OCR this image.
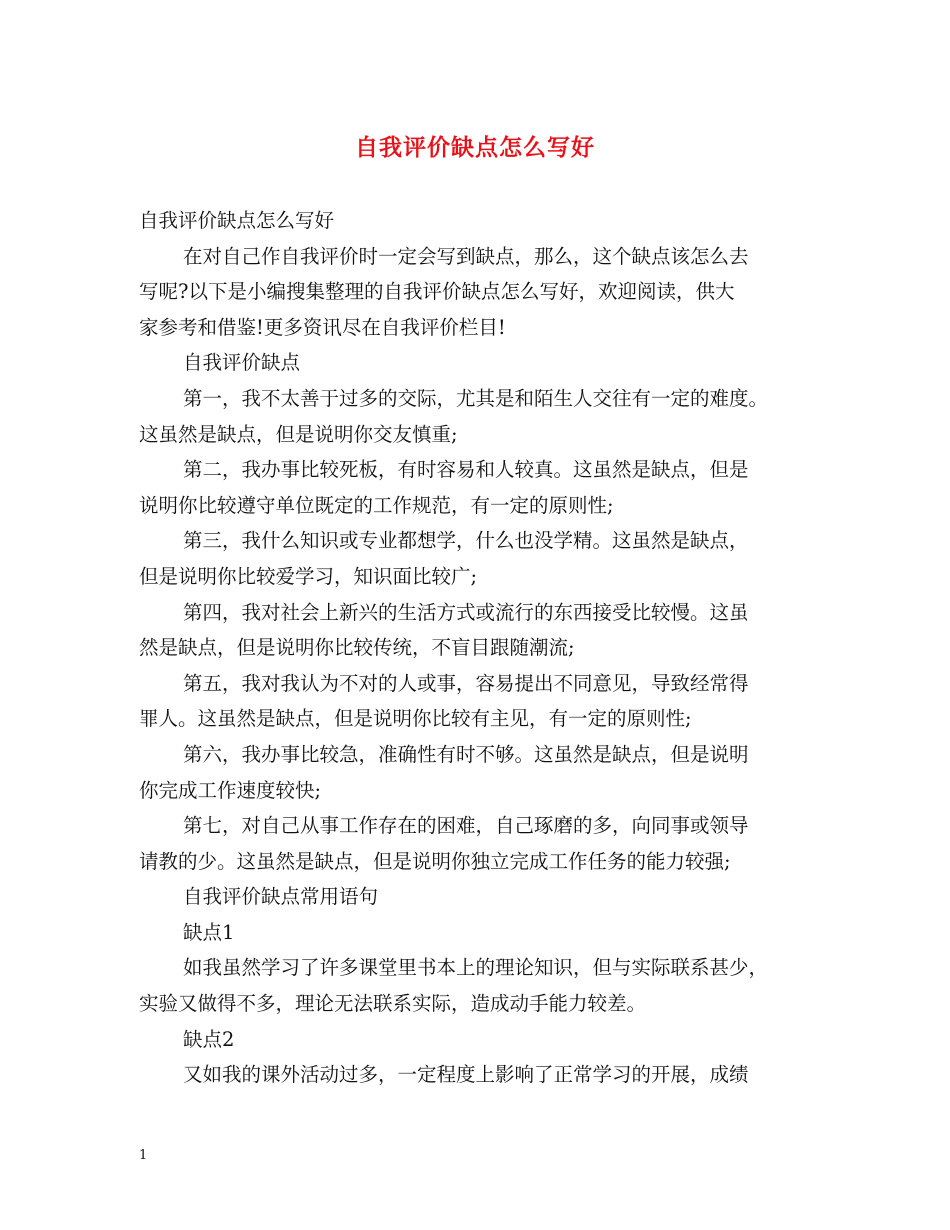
自我评价缺点怎么写好
自我评价缺点怎么写好
在对自己作自我评价时一定会写到缺点，那么，这个缺点该怎么去
写呢?以下是小编搜集整理的自我评价缺点怎么写好，欢迎阅读，供大
家参考和借鉴!更多资讯尽在自我评价栏目!
自我评价缺点
第一，我不太善于过多的交际，尤其是和陌生人交往有一定的难度。
这虽然是缺点，但是说明你交友慎重;
第二，我办事比较死板，有时容易和人较真。这虽然是缺点，但是
说明你比较遵守单位既定的工作规范，有一定的原则性;
第三，我什么知识或专业都想学，什么也没学精。这虽然是缺点，
但是说明你比较爱学习，知识面比较广;
第四，我对社会上新兴的生活方式或流行的东西接受比较慢。这虽
然是缺点，但是说明你比较传统，不盲目跟随潮流;
第五，我对我认为不对的人或事，容易提出不同意见，导致经常得
罪人。这虽然是缺点，但是说明你比较有主见，有一定的原则性;
第六，我办事比较急，准确性有时不够。这虽然是缺点，但是说明
你完成工作速度较快;
第七，对自己从事工作存在的困难，自己琢磨的多，向同事或领导
请教的少。这虽然是缺点，但是说明你独立完成工作任务的能力较强;
自我评价缺点常用语句
缺点1
如我虽然学习了许多课堂里书本上的理论知识，但与实际联系甚少，
实验又做得不多，理论无法联系实际，造成动手能力较差。
缺点2
又如我的课外活动过多，一定程度上影响了正常学习的开展，成绩
1
